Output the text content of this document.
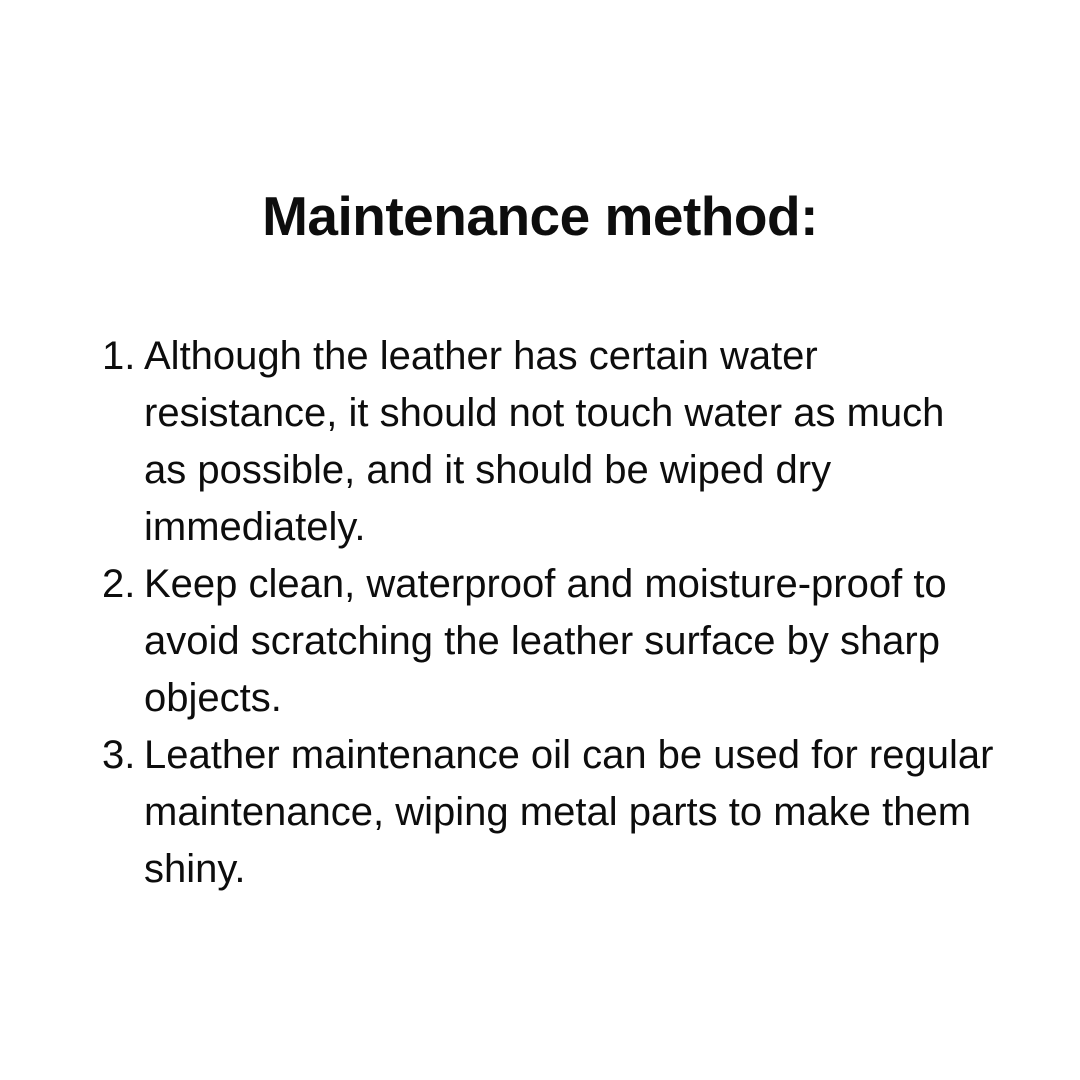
Maintenance method:
1. Although the leather has certain water resistance, it should not touch water as much as possible, and it should be wiped dry immediately.
2. Keep clean, waterproof and moisture-proof to avoid scratching the leather surface by sharp objects.
3. Leather maintenance oil can be used for regular maintenance, wiping metal parts to make them shiny.
